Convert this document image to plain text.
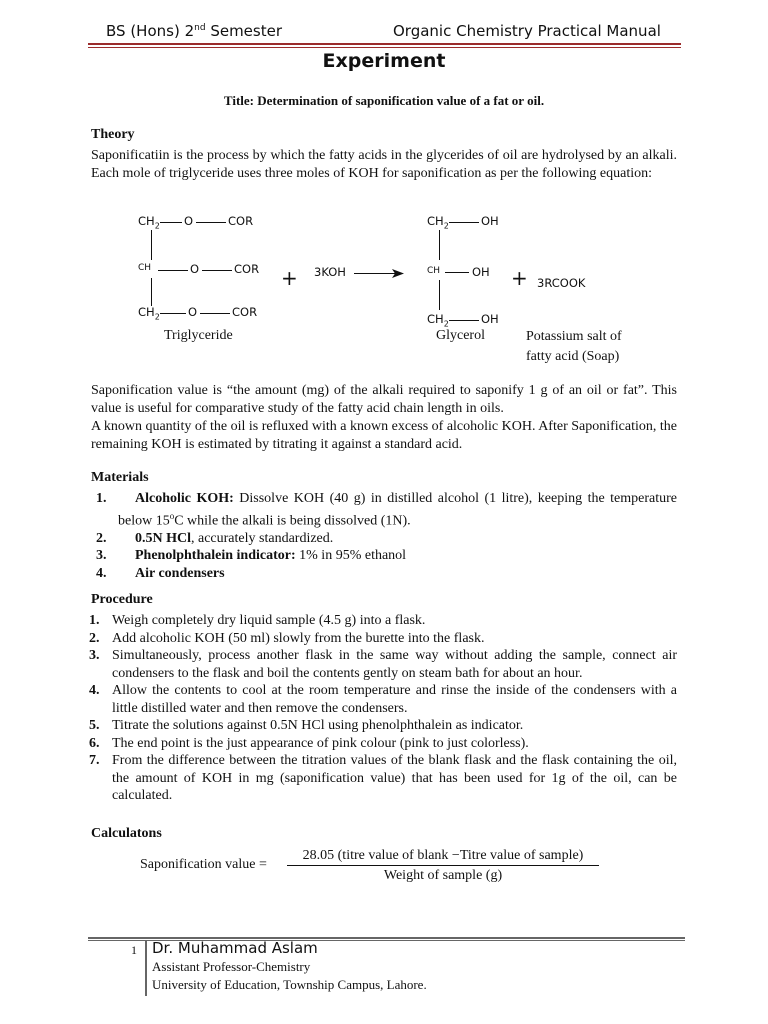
BS (Hons) 2nd Semester	Organic Chemistry Practical Manual
Experiment
Title: Determination of saponification value of a fat or oil.
Theory
Saponificatiin is the process by which the fatty acids in the glycerides of oil are hydrolysed by an alkali. Each mole of triglyceride uses three moles of KOH for saponification as per the following equation:
$CH_2$ O	COR
CH	O	COR
$CH_2$ O	COR
+ 3KOH
$CH_2$	OH
CH	OH
$CH_2$	OH
+ 3RCOOK
Triglyceride	Glycerol	Potassium salt of
fatty acid (Soap)
Saponification value is “the amount (mg) of the alkali required to saponify 1 g of an oil or fat”. This value is useful for comparative study of the fatty acid chain length in oils.
A known quantity of the oil is refluxed with a known excess of alcoholic KOH. After Saponification, the remaining KOH is estimated by titrating it against a standard acid.
Materials
1. Alcoholic KOH: Dissolve KOH (40 g) in distilled alcohol (1 litre), keeping the temperature below 15$^o$C while the alkali is being dissolved (1N).
2. 0.5N HCl, accurately standardized.
3. Phenolphthalein indicator: 1% in 95% ethanol
4. Air condensers
Procedure
1. Weigh completely dry liquid sample (4.5 g) into a flask.
2. Add alcoholic KOH (50 ml) slowly from the burette into the flask.
3. Simultaneously, process another flask in the same way without adding the sample, connect air condensers to the flask and boil the contents gently on steam bath for about an hour.
4. Allow the contents to cool at the room temperature and rinse the inside of the condensers with a little distilled water and then remove the condensers.
5. Titrate the solutions against 0.5N HCl using phenolphthalein as indicator.
6. The end point is the just appearance of pink colour (pink to just colorless).
7. From the difference between the titration values of the blank flask and the flask containing the oil, the amount of KOH in mg (saponification value) that has been used for 1g of the oil, can be calculated.
Calculatons
Saponification value =
28.05 (titre value of blank −Titre value of sample)
Weight of sample (g)
1 Dr. Muhammad Aslam
Assistant Professor-Chemistry
University of Education, Township Campus, Lahore.
